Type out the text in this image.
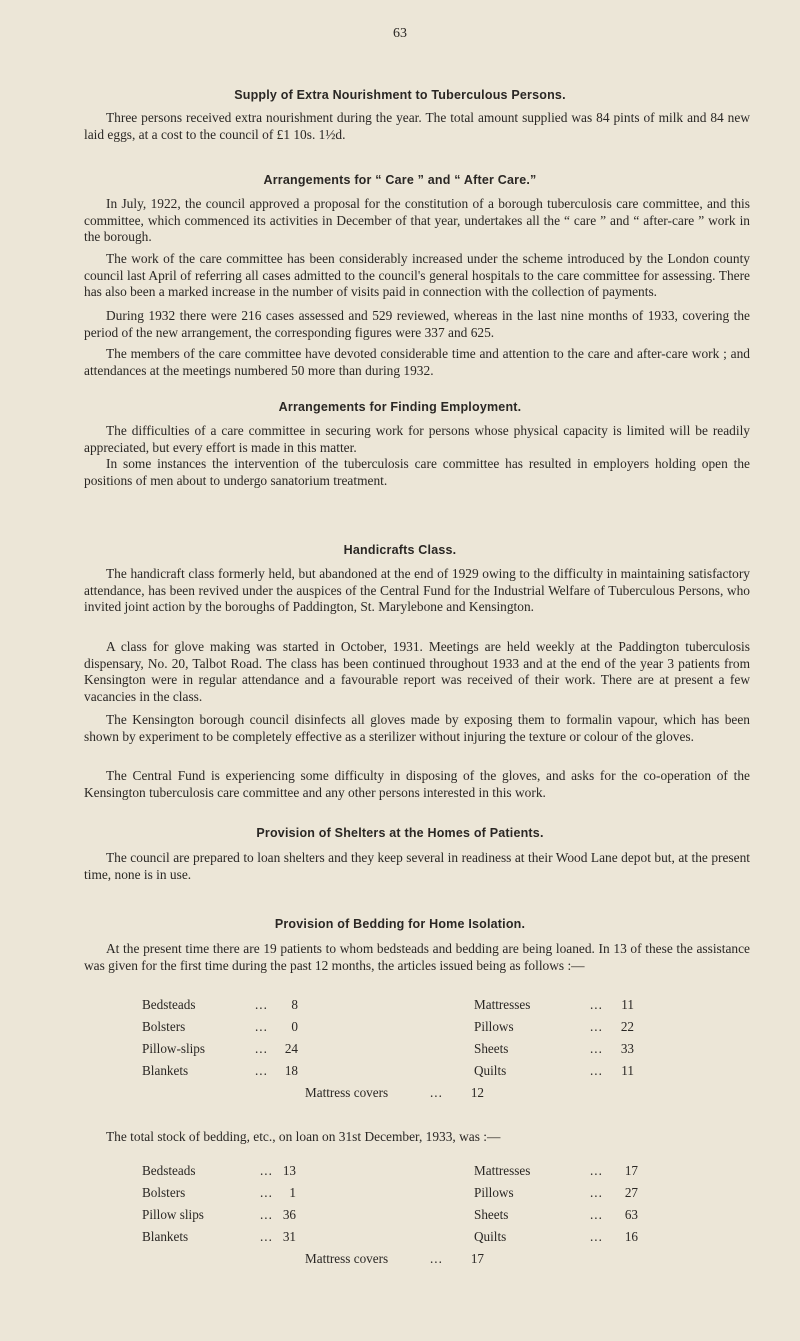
63
Supply of Extra Nourishment to Tuberculous Persons.

Three persons received extra nourishment during the year. The total amount supplied was 84 pints of milk and 84 new laid eggs, at a cost to the council of £1 10s. 1½d.

Arrangements for “ Care ” and “ After Care.”

In July, 1922, the council approved a proposal for the constitution of a borough tuberculosis care committee, and this committee, which commenced its activities in December of that year, undertakes all the “ care ” and “ after-care ” work in the borough.

The work of the care committee has been considerably increased under the scheme introduced by the London county council last April of referring all cases admitted to the council's general hospitals to the care committee for assessing. There has also been a marked increase in the number of visits paid in connection with the collection of payments.

During 1932 there were 216 cases assessed and 529 reviewed, whereas in the last nine months of 1933, covering the period of the new arrangement, the corresponding figures were 337 and 625.

The members of the care committee have devoted considerable time and attention to the care and after-care work ; and attendances at the meetings numbered 50 more than during 1932.

Arrangements for Finding Employment.

The difficulties of a care committee in securing work for persons whose physical capacity is limited will be readily appreciated, but every effort is made in this matter.

In some instances the intervention of the tuberculosis care committee has resulted in employers holding open the positions of men about to undergo sanatorium treatment.

Handicrafts Class.

The handicraft class formerly held, but abandoned at the end of 1929 owing to the difficulty in maintaining satisfactory attendance, has been revived under the auspices of the Central Fund for the Industrial Welfare of Tuberculous Persons, who invited joint action by the boroughs of Paddington, St. Marylebone and Kensington.

A class for glove making was started in October, 1931. Meetings are held weekly at the Paddington tuberculosis dispensary, No. 20, Talbot Road. The class has been continued throughout 1933 and at the end of the year 3 patients from Kensington were in regular attendance and a favourable report was received of their work. There are at present a few vacancies in the class.

The Kensington borough council disinfects all gloves made by exposing them to formalin vapour, which has been shown by experiment to be completely effective as a sterilizer without injuring the texture or colour of the gloves.

The Central Fund is experiencing some difficulty in disposing of the gloves, and asks for the co-operation of the Kensington tuberculosis care committee and any other persons interested in this work.

Provision of Shelters at the Homes of Patients.

The council are prepared to loan shelters and they keep several in readiness at their Wood Lane depot but, at the present time, none is in use.

Provision of Bedding for Home Isolation.

At the present time there are 19 patients to whom bedsteads and bedding are being loaned. In 13 of these the assistance was given for the first time during the past 12 months, the articles issued being as follows :—

Bedsteads	...	8	Mattresses	...	11
Bolsters	...	0	Pillows	...	22
Pillow-slips	...	24	Sheets	...	33
Blankets	...	18	Quilts	...	11
Mattress covers	...	12

The total stock of bedding, etc., on loan on 31st December, 1933, was :—

Bedsteads	... 13	Mattresses	...	17
Bolsters	...	1	Pillows	...	27
Pillow slips	... 36	Sheets	...	63
Blankets	... 31	Quilts	...	16
Mattress covers	...	17
